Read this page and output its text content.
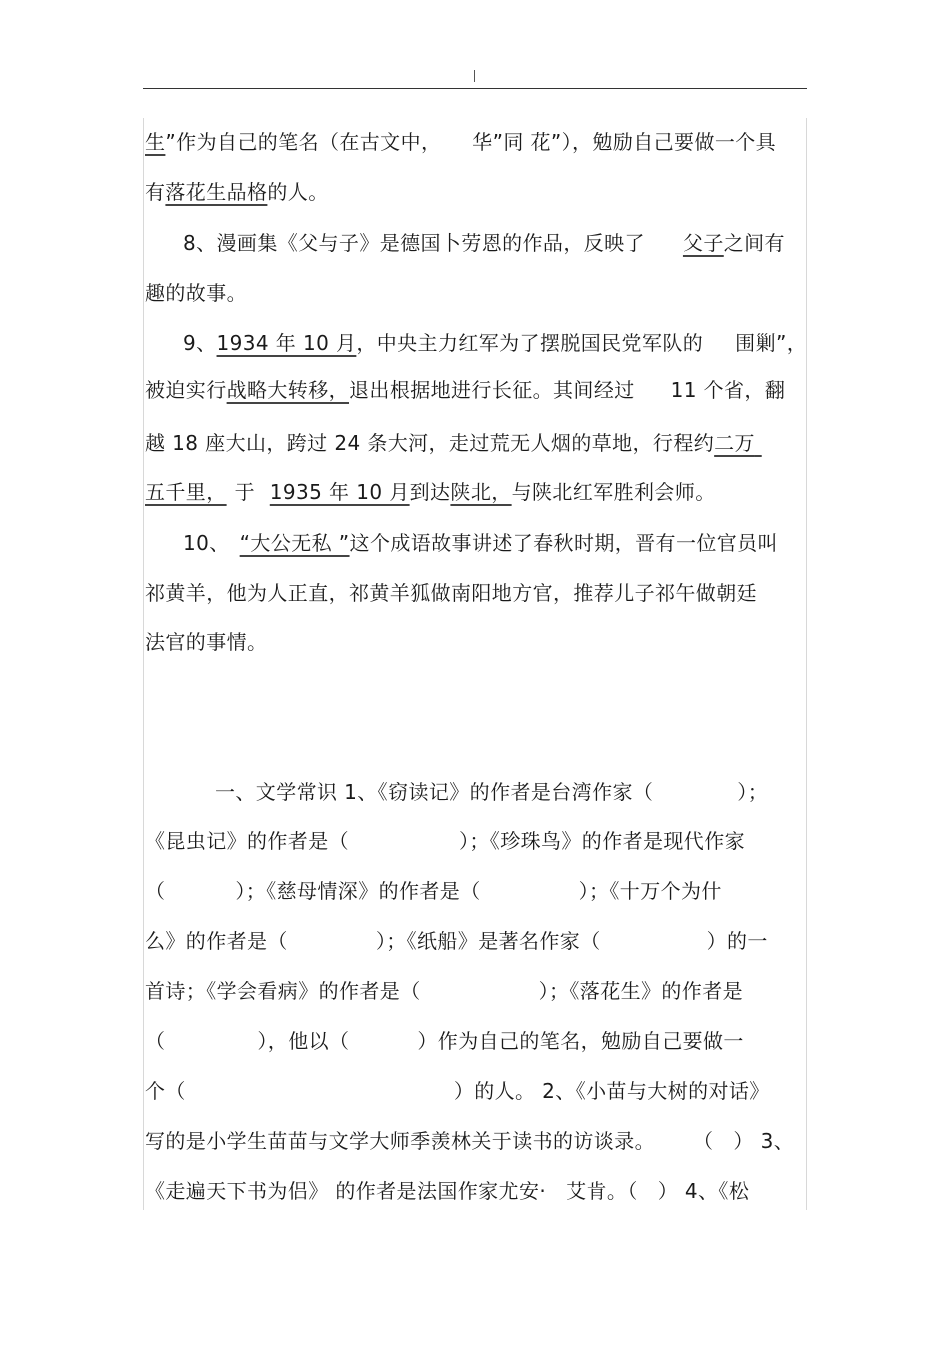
生”作为自己的笔名（在古文中，　　华”同 花”），勉励自己要做一个具
有落花生品格的人。
8、漫画集《父与子》是德国卜劳恩的作品，反映了 父子之间有
趣的故事。
9、1934 年 10 月，中央主力红军为了摆脱国民党军队的 围剿”，
被迫实行战略大转移，退出根据地进行长征。其间经过 11 个省，翻
越 18 座大山，跨过 24 条大河，走过荒无人烟的草地，行程约二万
五千里， 于 1935 年 10 月到达陕北，与陕北红军胜利会师。
10、 “大公无私 ”这个成语故事讲述了春秋时期，晋有一位官员叫
祁黄羊，他为人正直，祁黄羊狐做南阳地方官，推荐儿子祁午做朝廷
法官的事情。
一、文学常识 1、《窃读记》的作者是台湾作家（	）；
《昆虫记》的作者是（	）；《珍珠鸟》的作者是现代作家
（	）；《慈母情深》的作者是（	）；《十万个为什
么》的作者是（	）；《纸船》是著名作家（	）的一
首诗；《学会看病》的作者是（	）；《落花生》的作者是
（	），他以（	）作为自己的笔名，勉励自己要做一
个（	）的人。 2、《小苗与大树的对话》
写的是小学生苗苗与文学大师季羡林关于读书的访谈录。 （ ） 3、
《走遍天下书为侣》 的作者是法国作家尤安· 艾肯。（ ） 4、《松
